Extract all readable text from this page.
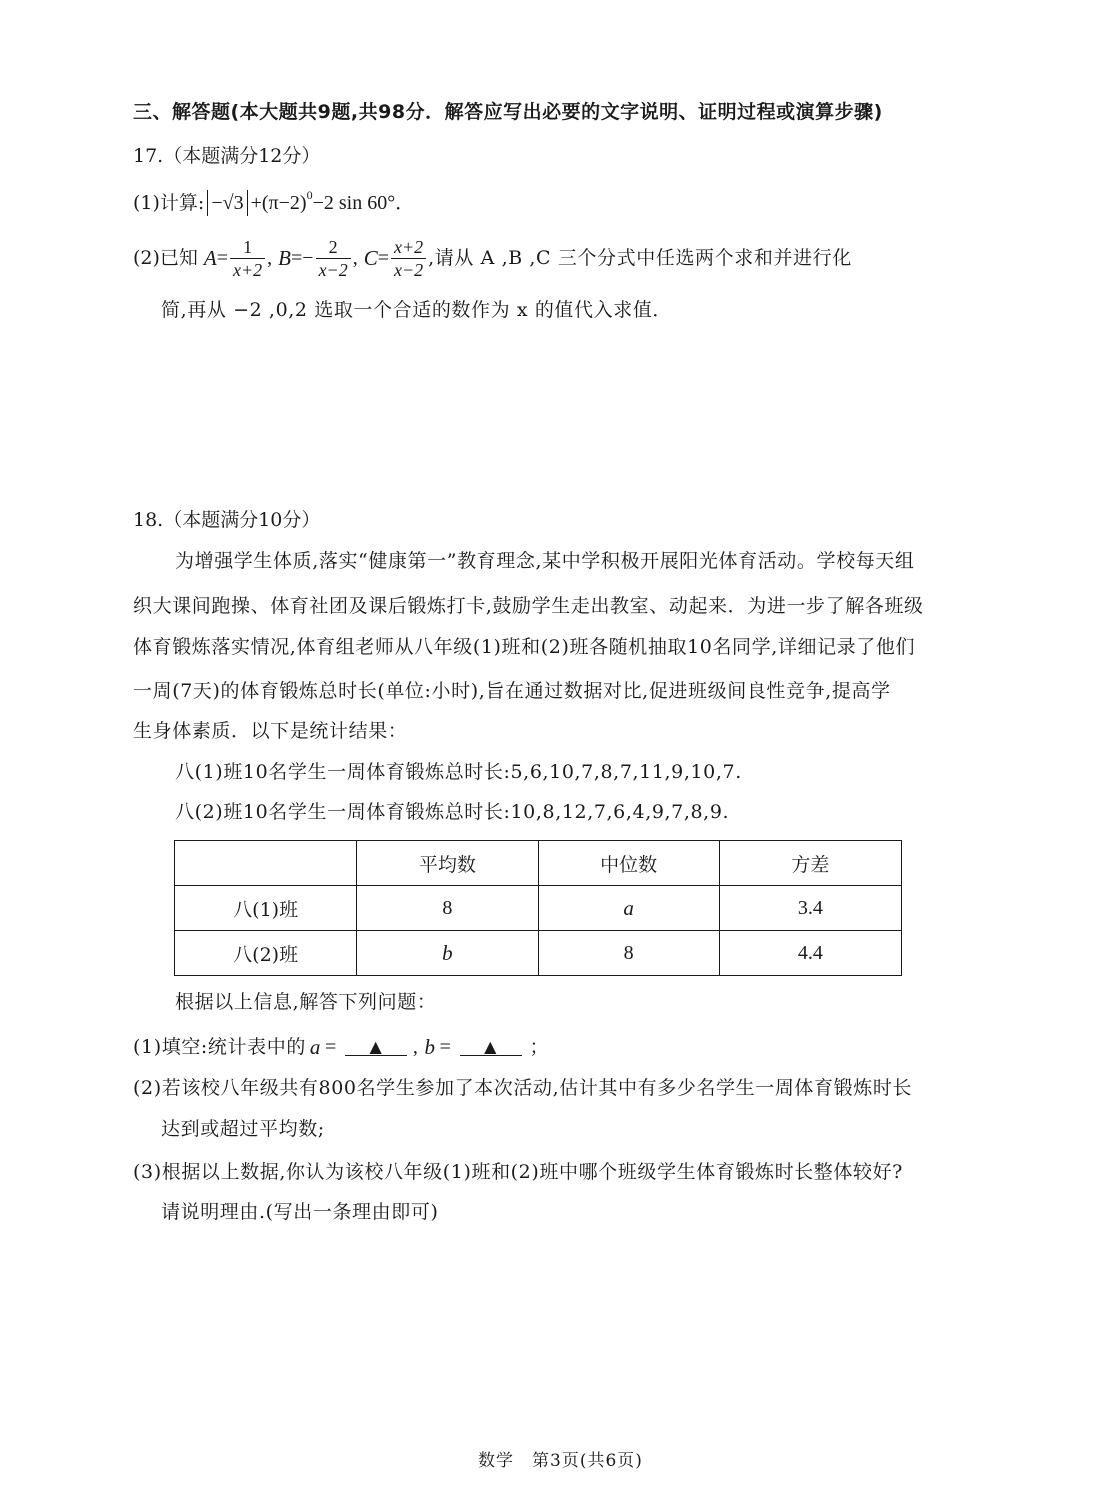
三、解答题(本大题共9题,共98分．解答应写出必要的文字说明、证明过程或演算步骤)
17.（本题满分12分）
(1)计算: $-√3 +(\pi-2)^0 -2$ sin 60° ．
(2)已知 $A = \frac{1}{x+2}$ , B = − $\frac{2}{x-2}$ , $C = \frac{x+2}{x-2}$ ,请从 A ,B ,C 三个分式中任选两个求和并进行化
简,再从 −2 ,0,2 选取一个合适的数作为 x 的值代入求值．
18.（本题满分10分）
为增强学生体质,落实“健康第一”教育理念,某中学积极开展阳光体育活动。学校每天组
织大课间跑操、体育社团及课后锻炼打卡,鼓励学生走出教室、动起来．为进一步了解各班级
体育锻炼落实情况,体育组老师从八年级(1)班和(2)班各随机抽取10名同学,详细记录了他们
一周(7天)的体育锻炼总时长(单位:小时),旨在通过数据对比,促进班级间良性竞争,提高学
生身体素质．以下是统计结果：
八(1)班10名学生一周体育锻炼总时长:5,6,10,7,8,7,11,9,10,7.
八(2)班10名学生一周体育锻炼总时长:10,8,12,7,6,4,9,7,8,9.
	平均数	中位数	方差
八(1)班	8	a	3.4
八(2)班	b	8	4.4
根据以上信息,解答下列问题：
(1)填空:统计表中的 a =	▲	, b =	▲	；
(2)若该校八年级共有800名学生参加了本次活动,估计其中有多少名学生一周体育锻炼时长
达到或超过平均数;
(3)根据以上数据,你认为该校八年级(1)班和(2)班中哪个班级学生体育锻炼时长整体较好?
请说明理由.(写出一条理由即可)
数学　第3页(共6页)
